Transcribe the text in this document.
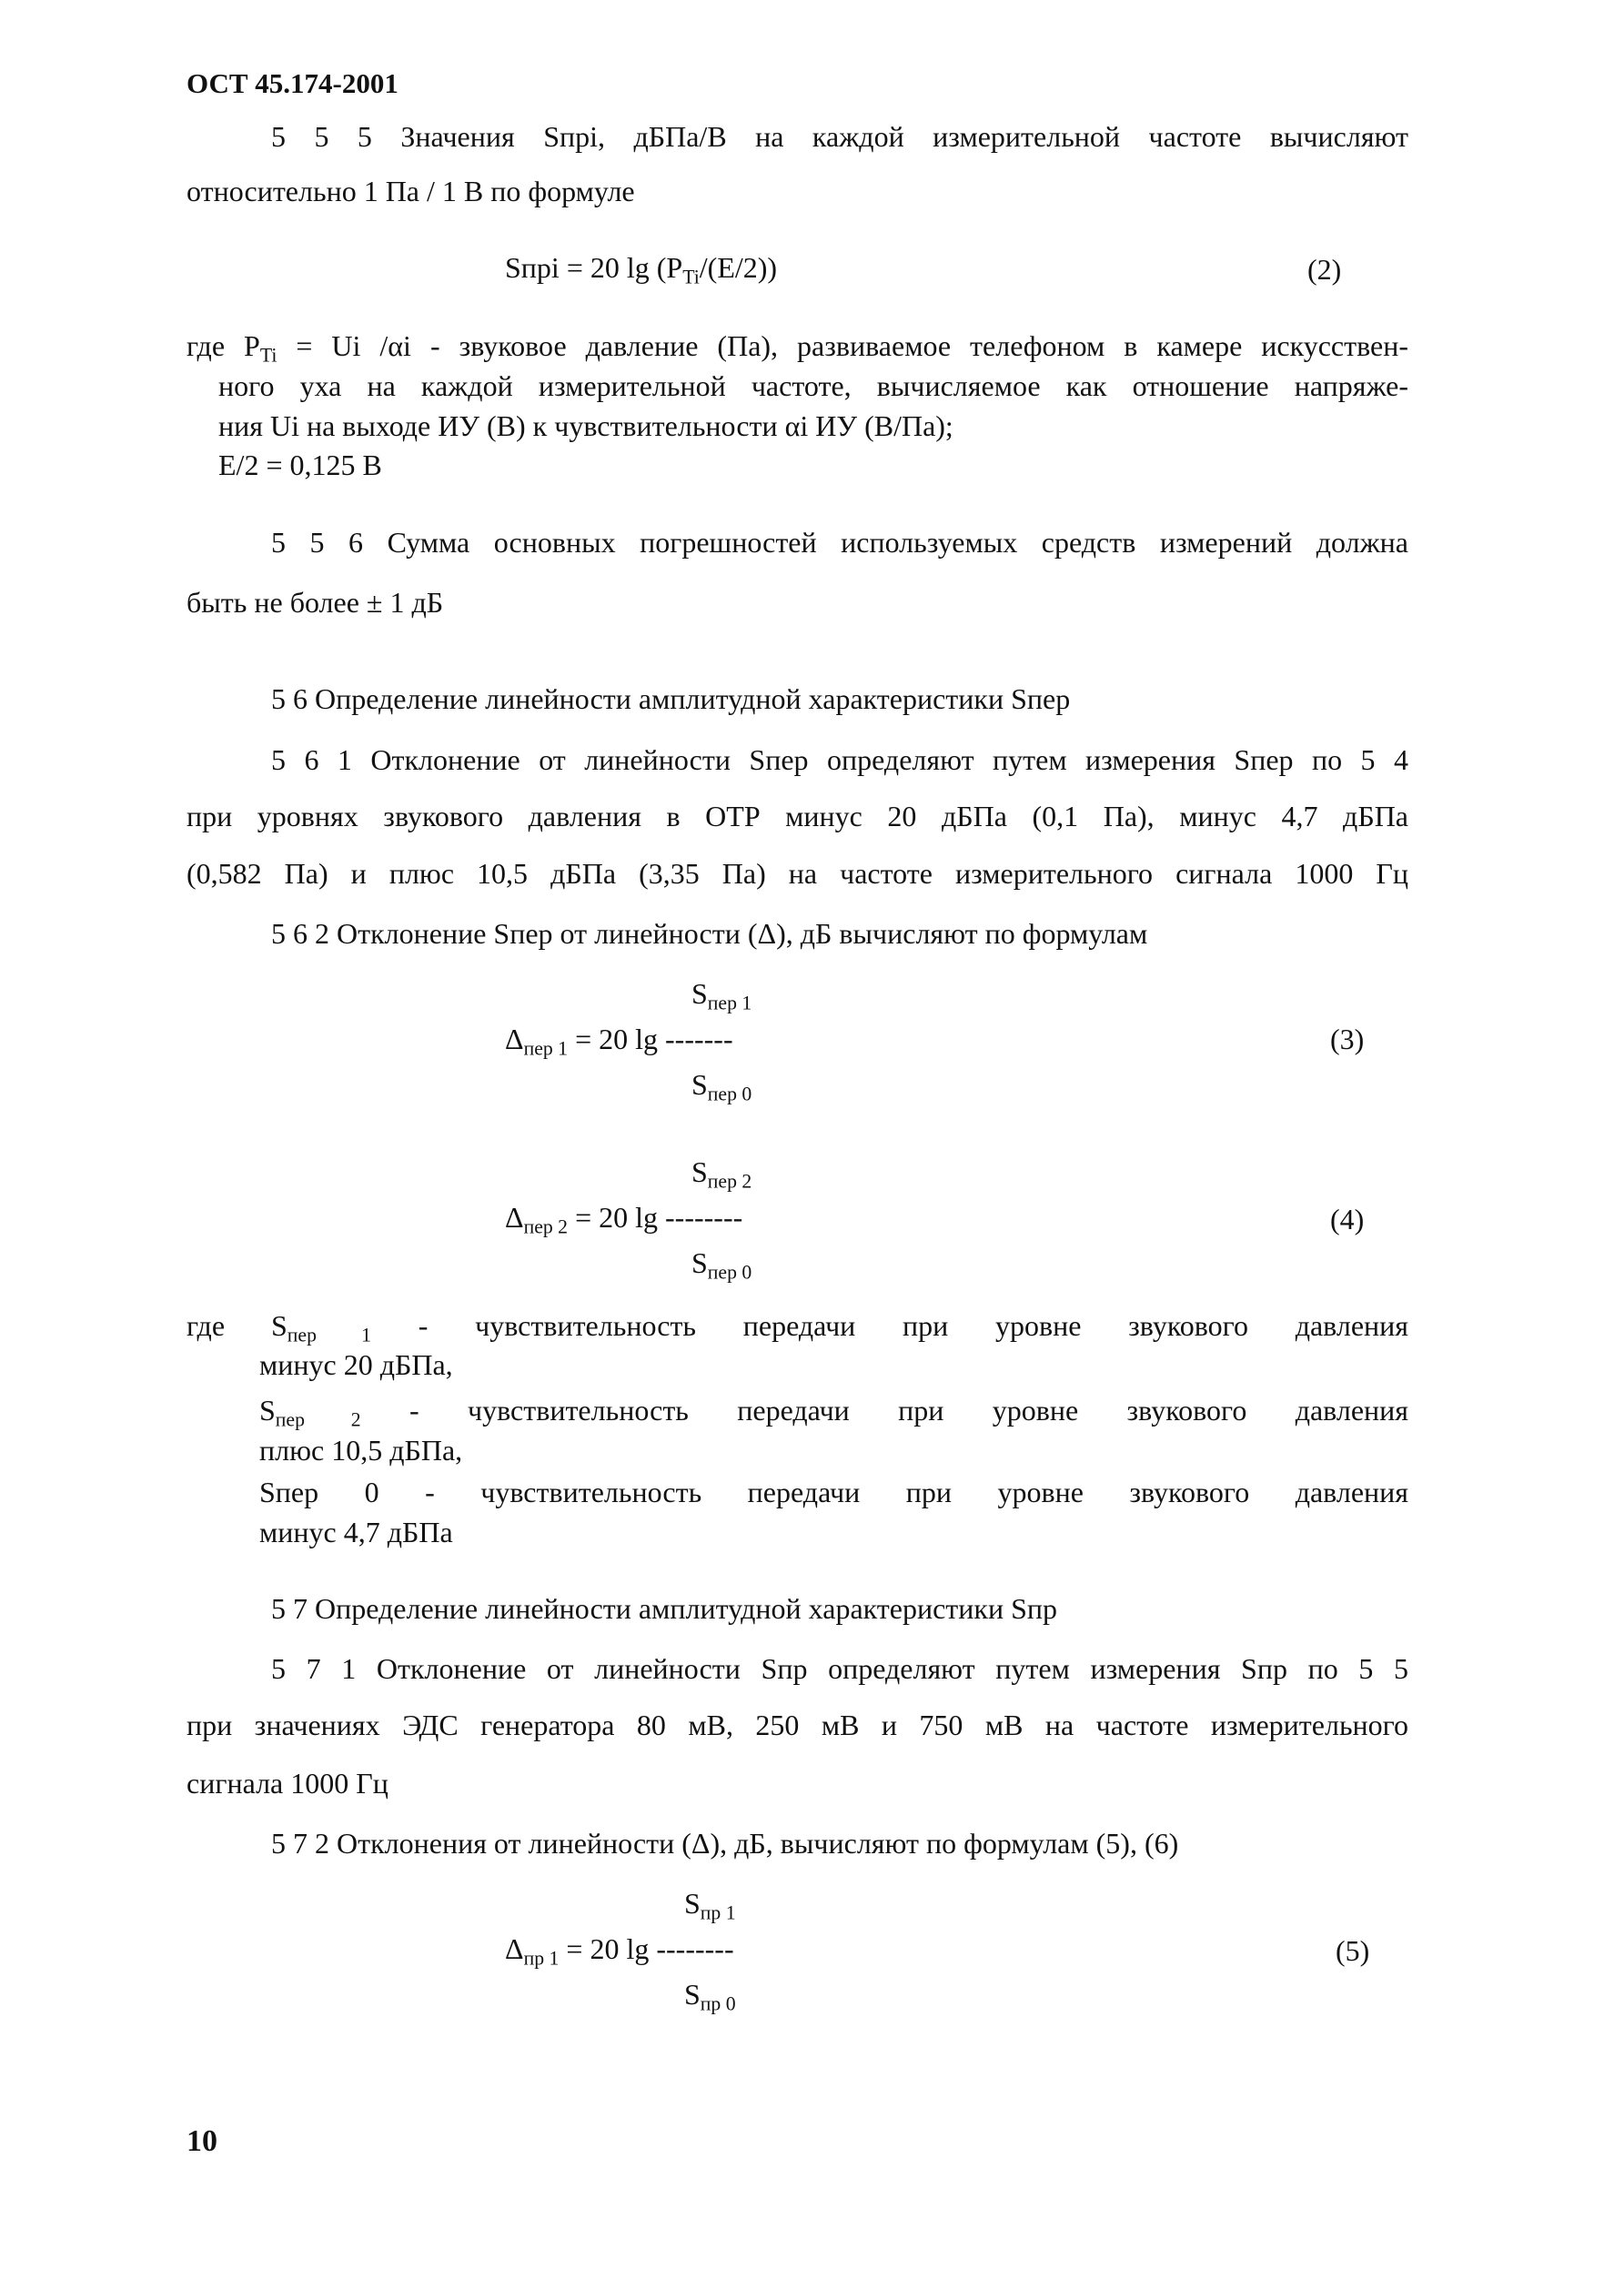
ОСТ 45.174-2001
5 5 5 Значения Sпрi, дБПа/В на каждой измерительной частоте вычисляют
относительно 1 Па / 1 В по формуле
Sпрi = 20 $\lg (P_{Ti}/(E/2))$	(2)
где $P_{Ti} = Ui$ /αi - звуковое давление (Па), развиваемое телефоном в камере искусствен-
ного уха на каждой измерительной частоте, вычисляемое как отношение напряже-
ния Ui на выходе ИУ (В) к чувствительности αi ИУ (В/Па);
E/2 = 0,125 В
5 5 6 Сумма основных погрешностей используемых средств измерений должна
быть не более ± 1 дБ
5 6 Определение линейности амплитудной характеристики Sпер
5 6 1 Отклонение от линейности Sпер определяют путем измерения Sпер по 5 4
при уровнях звукового давления в ОТР минус 20 дБПа (0,1 Па), минус 4,7 дБПа
(0,582 Па) и плюс 10,5 дБПа (3,35 Па) на частоте измерительного сигнала 1000 Гц
5 6 2 Отклонение Sпер от линейности (Δ), дБ вычисляют по формулам
$S_{пер 1}$
$\Delta_{пер 1} = 20$ lg -------
$S_{пер 0}$
(3)
$S_{пер 2}$
$\Delta_{пер 2} = 20$ lg --------
$S_{пер 0}$
(4)
где $S_{пер 1}$ - чувствительность передачи при уровне звукового давления
минус 20 дБПа,
$S_{пер 2}$ - чувствительность передачи при уровне звукового давления
плюс 10,5 дБПа,
Sпер 0 - чувствительность передачи при уровне звукового давления
минус 4,7 дБПа
5 7 Определение линейности амплитудной характеристики Sпр
5 7 1 Отклонение от линейности Sпр определяют путем измерения Sпр по 5 5
при значениях ЭДС генератора 80 мВ, 250 мВ и 750 мВ на частоте измерительного
сигнала 1000 Гц
5 7 2 Отклонения от линейности (Δ), дБ, вычисляют по формулам (5), (6)
$S_{пр 1}$
$\Delta_{пр 1} = 20$ lg --------
$S_{пр 0}$
(5)
10
